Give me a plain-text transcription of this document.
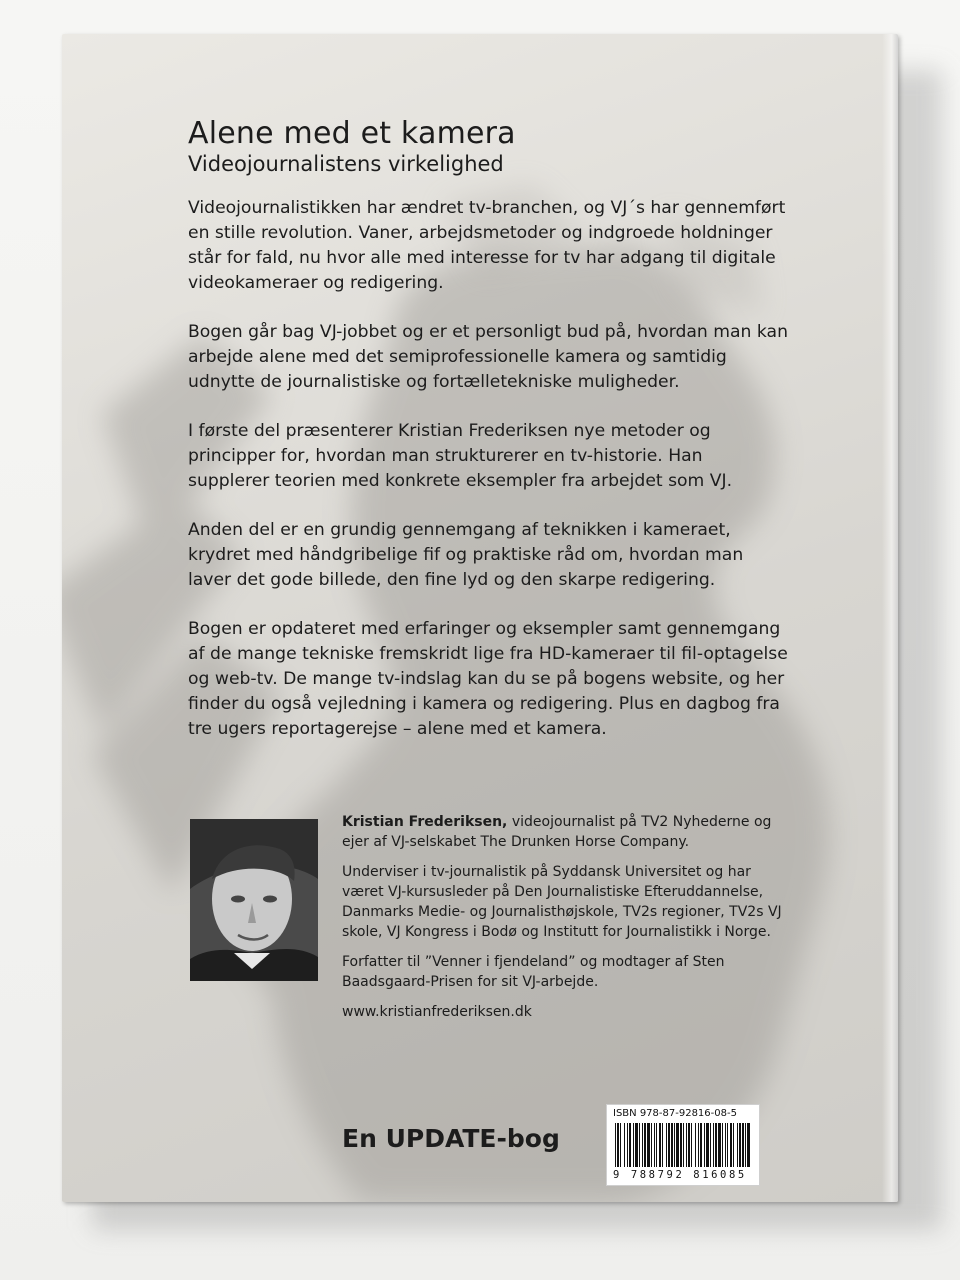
Alene med et kamera
Videojournalistens virkelighed

Videojournalistikken har ændret tv-branchen, og VJ´s har gennemført en stille revolution. Vaner, arbejdsmetoder og indgroede holdninger står for fald, nu hvor alle med interesse for tv har adgang til digitale videokameraer og redigering.

Bogen går bag VJ-jobbet og er et personligt bud på, hvordan man kan arbejde alene med det semiprofessionelle kamera og samtidig udnytte de journalistiske og fortælletekniske muligheder.

I første del præsenterer Kristian Frederiksen nye metoder og principper for, hvordan man strukturerer en tv-historie. Han supplerer teorien med konkrete eksempler fra arbejdet som VJ.

Anden del er en grundig gennemgang af teknikken i kameraet, krydret med håndgribelige fif og praktiske råd om, hvordan man laver det gode billede, den fine lyd og den skarpe redigering.

Bogen er opdateret med erfaringer og eksempler samt gennemgang af de mange tekniske fremskridt lige fra HD-kameraer til fil-optagelse og web-tv. De mange tv-indslag kan du se på bogens website, og her finder du også vejledning i kamera og redigering. Plus en dagbog fra tre ugers reportagerejse – alene med et kamera.

Kristian Frederiksen, videojournalist på TV2 Nyhederne og ejer af VJ-selskabet The Drunken Horse Company.

Underviser i tv-journalistik på Syddansk Universitet og har været VJ-kursusleder på Den Journalistiske Efteruddannelse, Danmarks Medie- og Journalisthøjskole, TV2s regioner, TV2s VJ skole, VJ Kongress i Bodø og Institutt for Journalistikk i Norge.

Forfatter til ”Venner i fjendeland” og modtager af Sten Baadsgaard-Prisen for sit VJ-arbejde.

www.kristianfrederiksen.dk

En UPDATE-bog
ISBN 978-87-92816-08-5
9 788792 816085
